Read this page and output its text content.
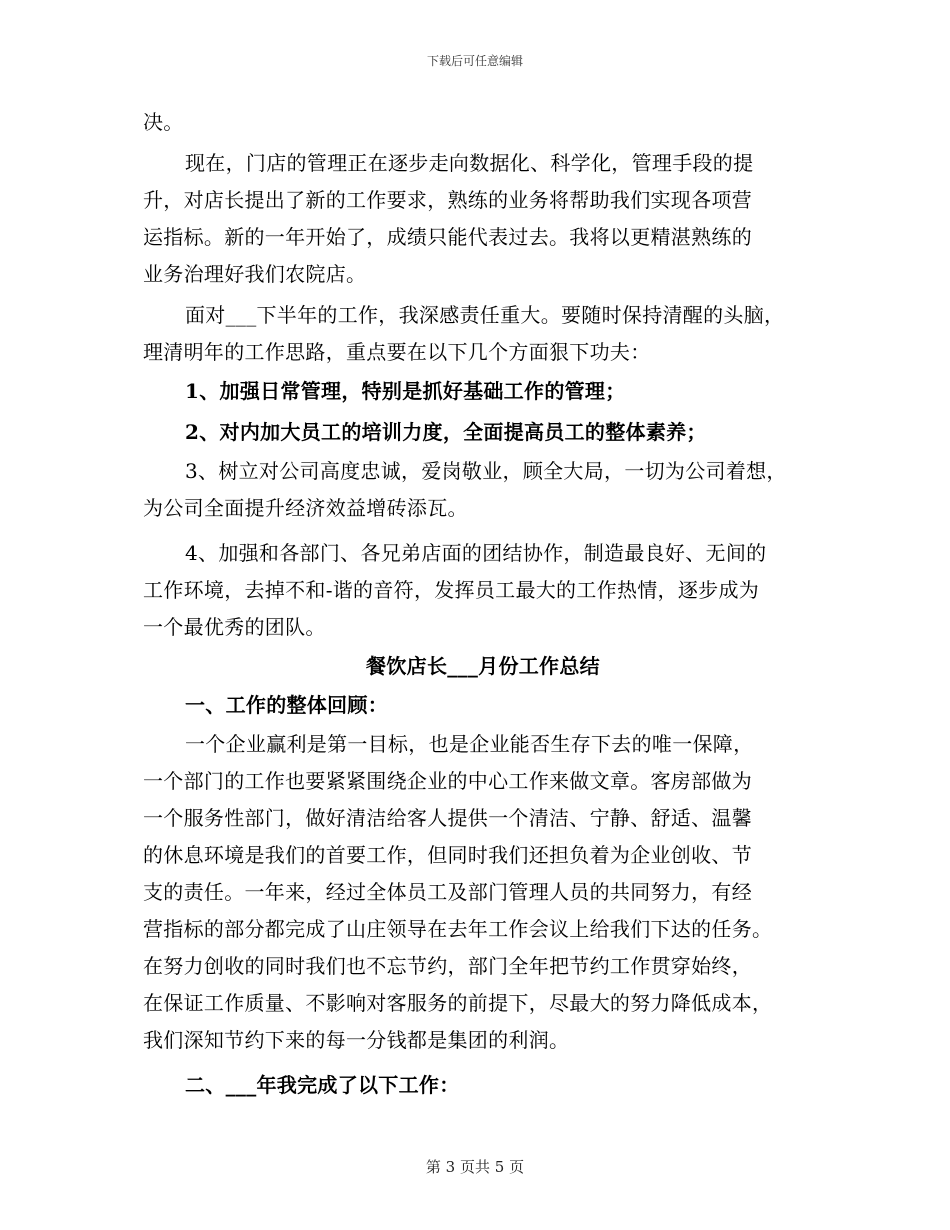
下载后可任意编辑
决。
现在，门店的管理正在逐步走向数据化、科学化，管理手段的提
升，对店长提出了新的工作要求，熟练的业务将帮助我们实现各项营
运指标。新的一年开始了，成绩只能代表过去。我将以更精湛熟练的
业务治理好我们农院店。
面对___下半年的工作，我深感责任重大。要随时保持清醒的头脑，
理清明年的工作思路，重点要在以下几个方面狠下功夫：
1、加强日常管理，特别是抓好基础工作的管理；
2、对内加大员工的培训力度，全面提高员工的整体素养；
3、树立对公司高度忠诚，爱岗敬业，顾全大局，一切为公司着想，
为公司全面提升经济效益增砖添瓦。
4、加强和各部门、各兄弟店面的团结协作，制造最良好、无间的
工作环境，去掉不和-谐的音符，发挥员工最大的工作热情，逐步成为
一个最优秀的团队。
餐饮店长___月份工作总结
一、工作的整体回顾：
一个企业赢利是第一目标，也是企业能否生存下去的唯一保障，
一个部门的工作也要紧紧围绕企业的中心工作来做文章。客房部做为
一个服务性部门，做好清洁给客人提供一个清洁、宁静、舒适、温馨
的休息环境是我们的首要工作，但同时我们还担负着为企业创收、节
支的责任。一年来，经过全体员工及部门管理人员的共同努力，有经
营指标的部分都完成了山庄领导在去年工作会议上给我们下达的任务。
在努力创收的同时我们也不忘节约，部门全年把节约工作贯穿始终，
在保证工作质量、不影响对客服务的前提下，尽最大的努力降低成本，
我们深知节约下来的每一分钱都是集团的利润。
二、___年我完成了以下工作：
第 3 页共 5 页
